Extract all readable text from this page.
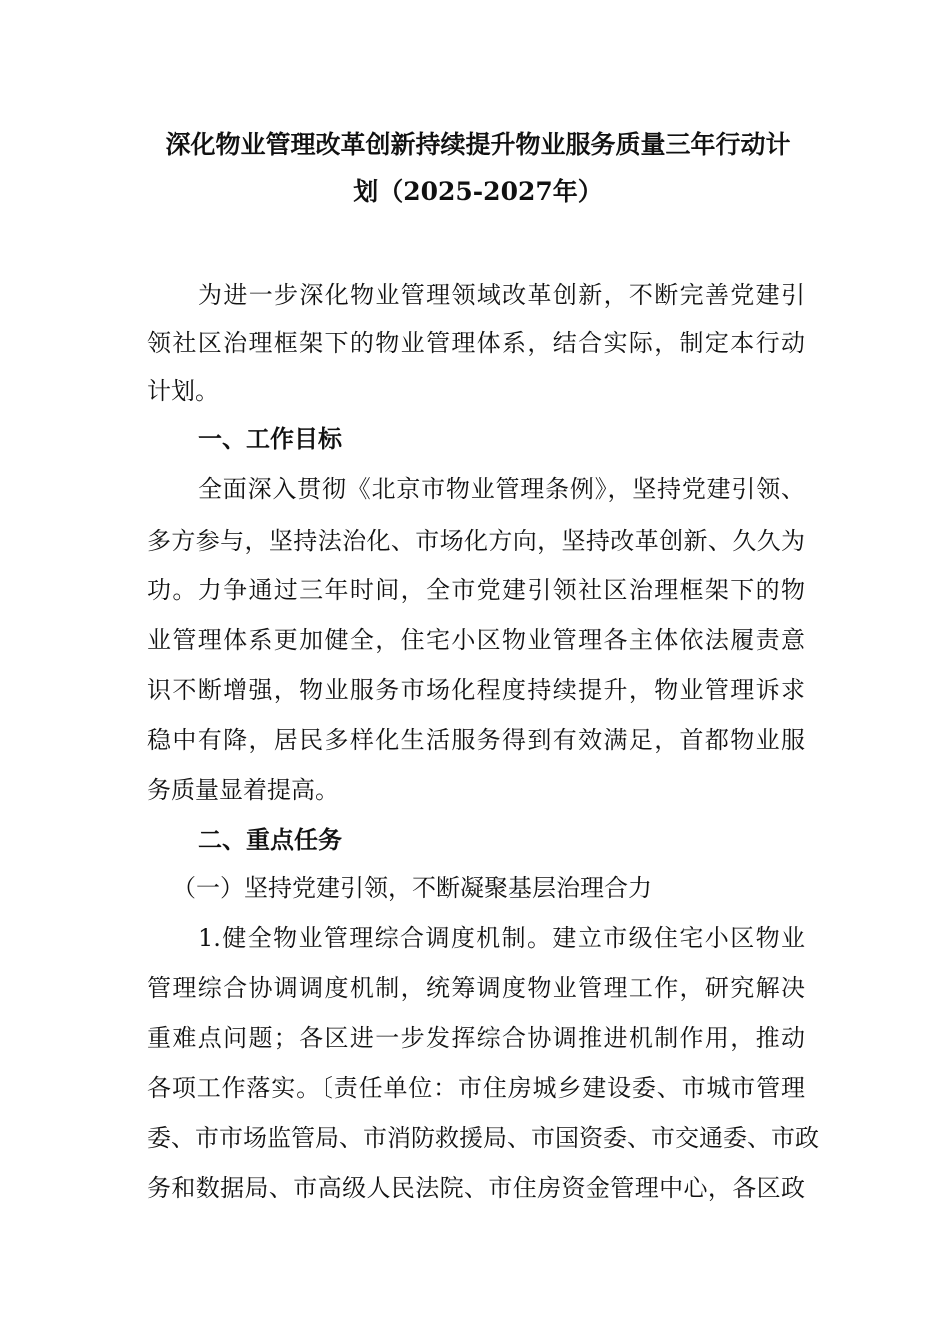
深化物业管理改革创新持续提升物业服务质量三年行动计
划（2025-2027年）
为进一步深化物业管理领域改革创新，不断完善党建引
领社区治理框架下的物业管理体系，结合实际，制定本行动
计划。
一、工作目标
全面深入贯彻《北京市物业管理条例》，坚持党建引领、
多方参与，坚持法治化、市场化方向，坚持改革创新、久久为
功。力争通过三年时间，全市党建引领社区治理框架下的物
业管理体系更加健全，住宅小区物业管理各主体依法履责意
识不断增强，物业服务市场化程度持续提升，物业管理诉求
稳中有降，居民多样化生活服务得到有效满足，首都物业服
务质量显着提高。
二、重点任务
（一）坚持党建引领，不断凝聚基层治理合力
1.健全物业管理综合调度机制。建立市级住宅小区物业
管理综合协调调度机制，统筹调度物业管理工作，研究解决
重难点问题；各区进一步发挥综合协调推进机制作用，推动
各项工作落实。〔责任单位：市住房城乡建设委、市城市管理
委、市市场监管局、市消防救援局、市国资委、市交通委、市政
务和数据局、市高级人民法院、市住房资金管理中心，各区政
